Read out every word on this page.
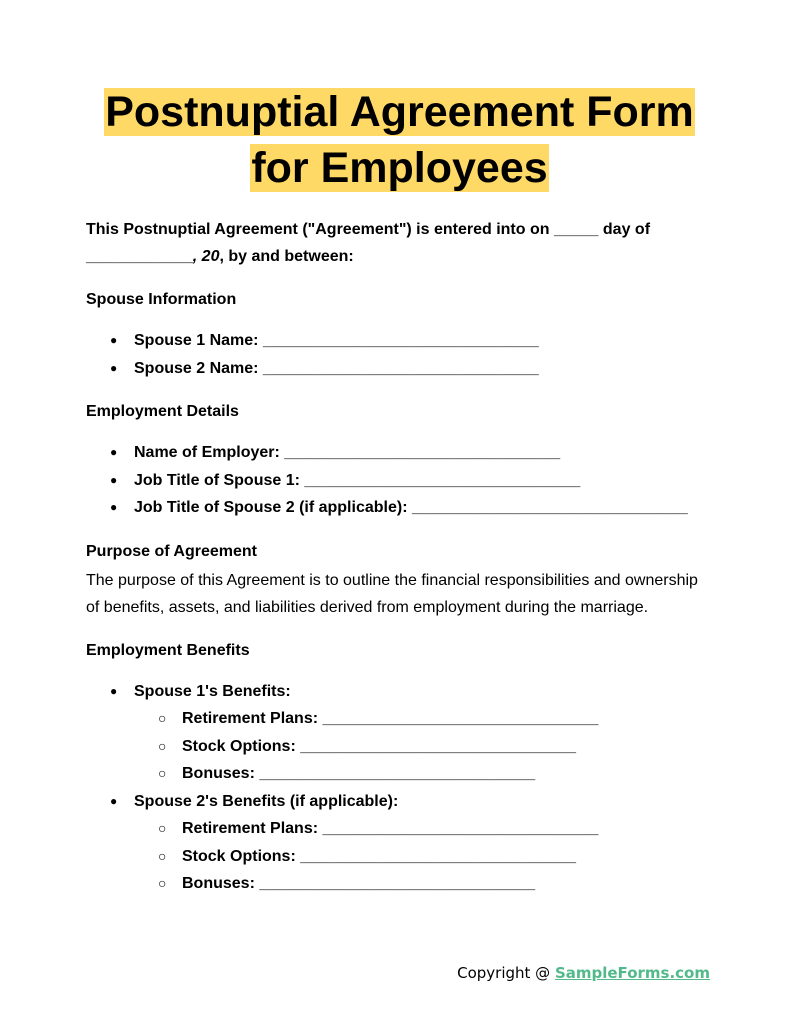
Postnuptial Agreement Form
for Employees
This Postnuptial Agreement ("Agreement") is entered into on _____ day of ____________, 20, by and between:
Spouse Information
● Spouse 1 Name: _______________________________
● Spouse 2 Name: _______________________________
Employment Details
● Name of Employer: _______________________________
● Job Title of Spouse 1: _______________________________
● Job Title of Spouse 2 (if applicable): _______________________________
Purpose of Agreement
The purpose of this Agreement is to outline the financial responsibilities and ownership of benefits, assets, and liabilities derived from employment during the marriage.
Employment Benefits
● Spouse 1's Benefits:
○ Retirement Plans: _______________________________
○ Stock Options: _______________________________
○ Bonuses: _______________________________
● Spouse 2's Benefits (if applicable):
○ Retirement Plans: _______________________________
○ Stock Options: _______________________________
○ Bonuses: _______________________________
Copyright @ SampleForms.com
